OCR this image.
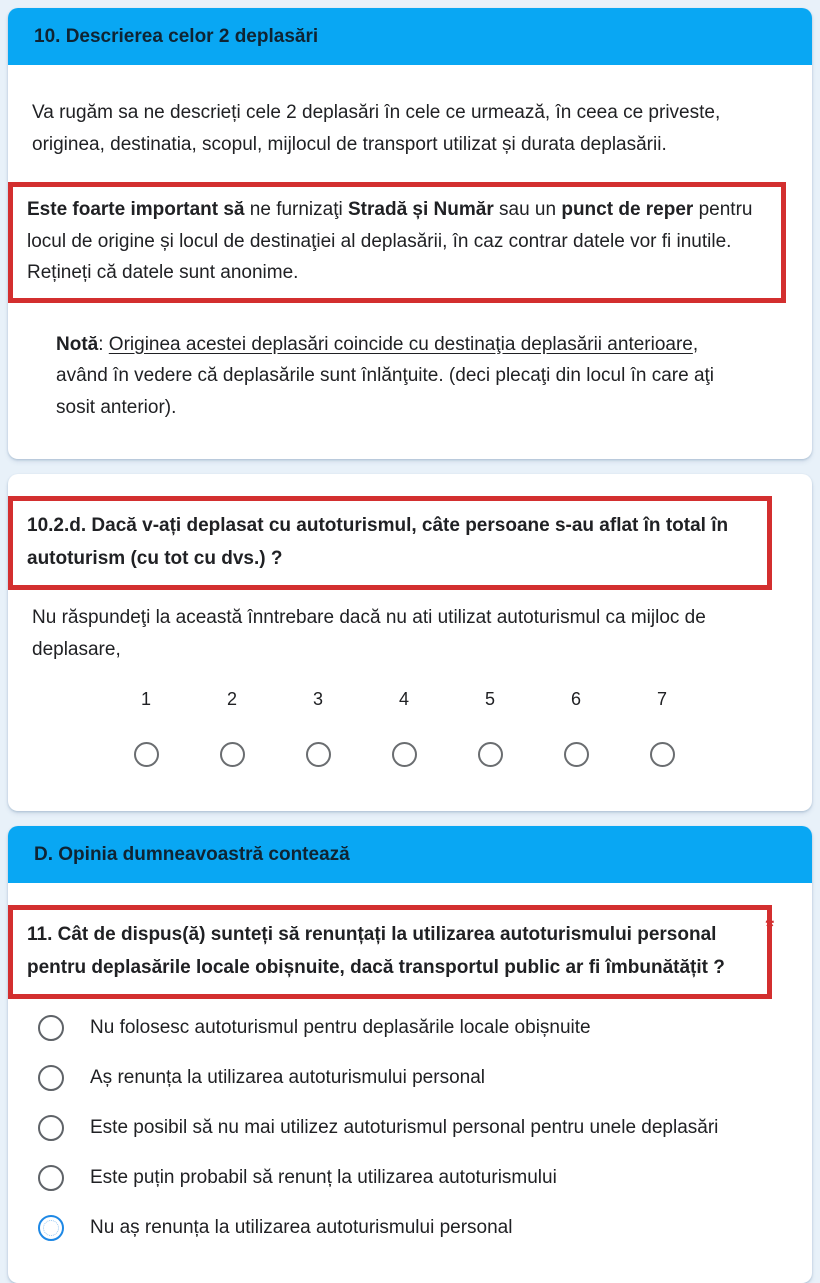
10. Descrierea celor 2 deplasări

Va rugăm sa ne descrieți cele 2 deplasări în cele ce urmează, în ceea ce priveste, originea, destinatia, scopul, mijlocul de transport utilizat și durata deplasării.

Este foarte important să ne furnizaţi Stradă și Număr sau un punct de reper pentru locul de origine și locul de destinaţiei al deplasării, în caz contrar datele vor fi inutile. Rețineți că datele sunt anonime.

Notă: Originea acestei deplasări coincide cu destinaţia deplasării anterioare, având în vedere că deplasările sunt înlănţuite. (deci plecaţi din locul în care aţi sosit anterior).

10.2.d. Dacă v-ați deplasat cu autoturismul, câte persoane s-au aflat în total în autoturism (cu tot cu dvs.) ?

Nu răspundeţi la această înntrebare dacă nu ati utilizat autoturismul ca mijloc de deplasare,

1	2	3	4	5	6	7
D. Opinia dumneavoastră contează
11. Cât de dispus(ă) sunteți să renunțați la utilizarea autoturismului personal pentru deplasările locale obișnuite, dacă transportul public ar fi îmbunătățit ?
*
Nu folosesc autoturismul pentru deplasările locale obișnuite
Aș renunța la utilizarea autoturismului personal
Este posibil să nu mai utilizez autoturismul personal pentru unele deplasări
Este puțin probabil să renunț la utilizarea autoturismului
Nu aș renunța la utilizarea autoturismului personal
